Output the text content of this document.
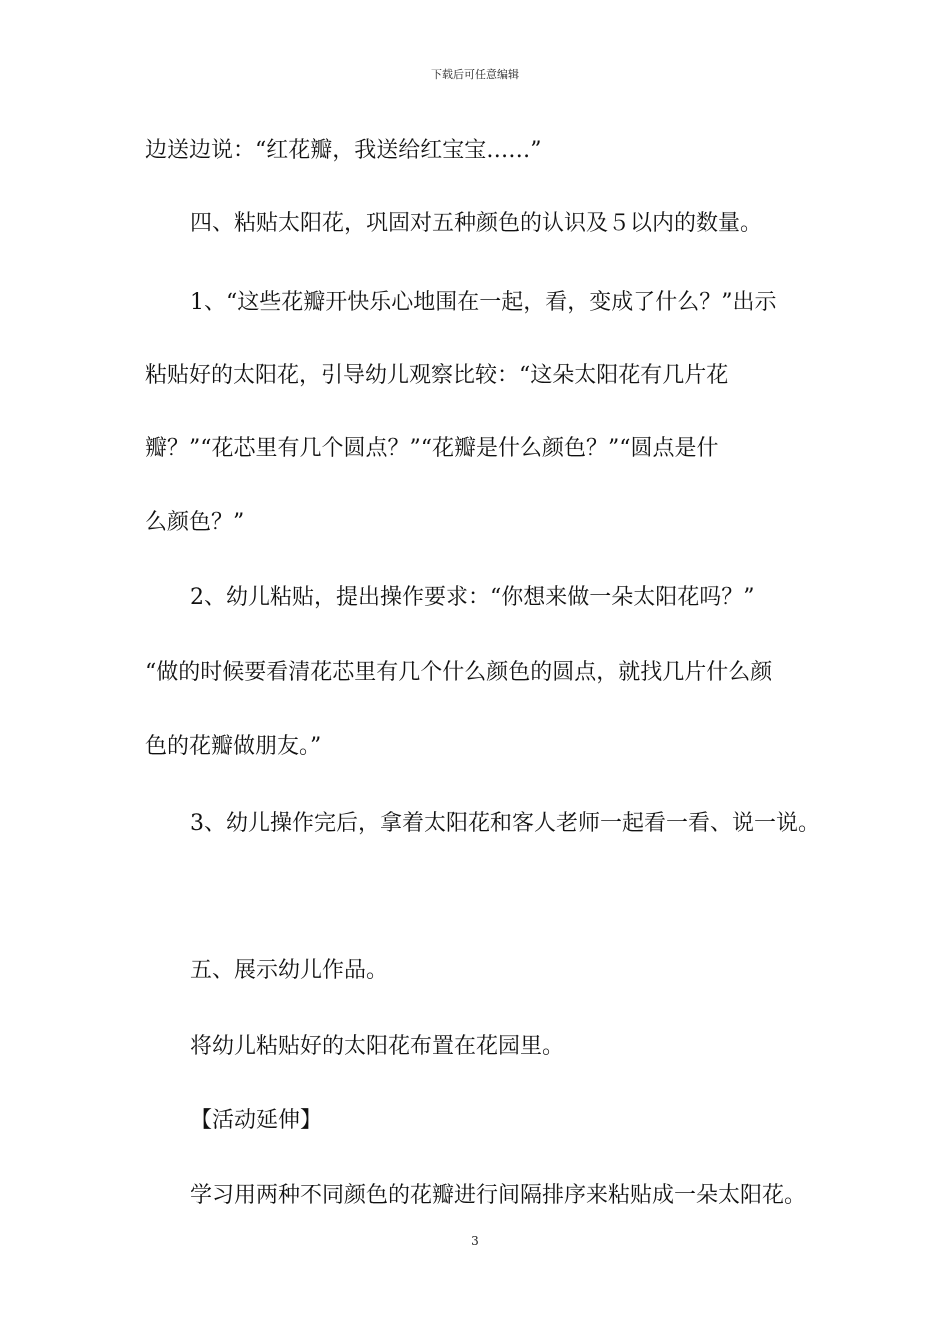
下载后可任意编辑
边送边说：“红花瓣，我送给红宝宝……”
四、粘贴太阳花，巩固对五种颜色的认识及５以内的数量。
1、“这些花瓣开快乐心地围在一起，看，变成了什么？”出示
粘贴好的太阳花，引导幼儿观察比较：“这朵太阳花有几片花
瓣？”“花芯里有几个圆点？”“花瓣是什么颜色？”“圆点是什
么颜色？”
2、幼儿粘贴，提出操作要求：“你想来做一朵太阳花吗？”
“做的时候要看清花芯里有几个什么颜色的圆点，就找几片什么颜
色的花瓣做朋友。”
3、幼儿操作完后，拿着太阳花和客人老师一起看一看、说一说。
五、展示幼儿作品。
将幼儿粘贴好的太阳花布置在花园里。
【活动延伸】
学习用两种不同颜色的花瓣进行间隔排序来粘贴成一朵太阳花。
3
